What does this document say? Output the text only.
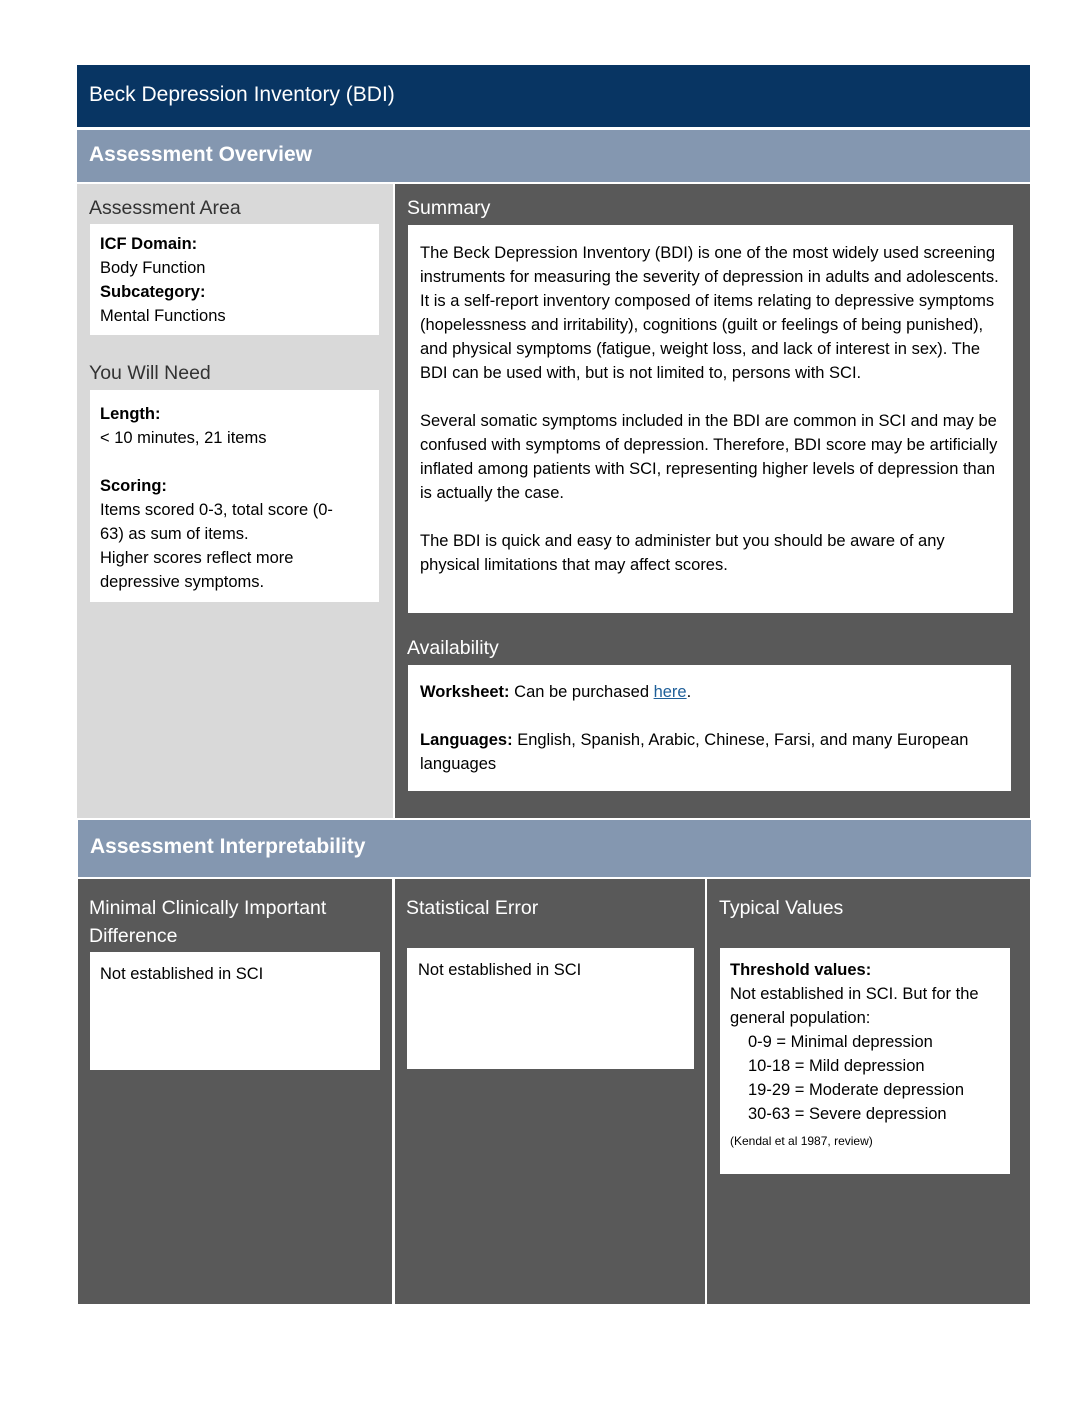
Beck Depression Inventory (BDI)
Assessment Overview
Assessment Area
ICF Domain:
Body Function
Subcategory:
Mental Functions
You Will Need
Length:
< 10 minutes, 21 items
Scoring:
Items scored 0-3, total score (0-
63) as sum of items.
Higher scores reflect more
depressive symptoms.
Summary
The Beck Depression Inventory (BDI) is one of the most widely used screening instruments for measuring the severity of depression in adults and adolescents. It is a self-report inventory composed of items relating to depressive symptoms (hopelessness and irritability), cognitions (guilt or feelings of being punished), and physical symptoms (fatigue, weight loss, and lack of interest in sex). The BDI can be used with, but is not limited to, persons with SCI.
Several somatic symptoms included in the BDI are common in SCI and may be confused with symptoms of depression. Therefore, BDI score may be artificially inflated among patients with SCI, representing higher levels of depression than is actually the case.
The BDI is quick and easy to administer but you should be aware of any physical limitations that may affect scores.
Availability
Worksheet: Can be purchased here.
Languages: English, Spanish, Arabic, Chinese, Farsi, and many European languages
Assessment Interpretability
Minimal Clinically Important Difference
Not established in SCI
Statistical Error
Not established in SCI
Typical Values
Threshold values:
Not established in SCI. But for the general population:
0-9 = Minimal depression
10-18 = Mild depression
19-29 = Moderate depression
30-63 = Severe depression
(Kendal et al 1987, review)
